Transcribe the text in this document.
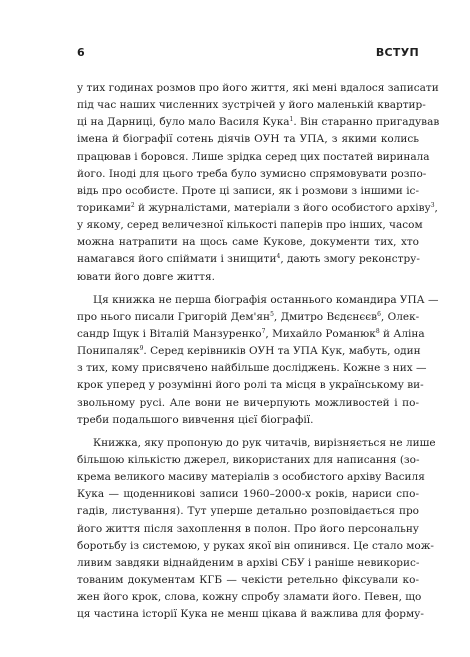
6	ВСТУП
у тих годинах розмов про його життя, які мені вдалося записати
під час наших численних зустрічей у його маленькій квартир-
ці на Дарниці, було мало Василя Кука$^1$. Він старанно пригадував
імена й біографії сотень діячів ОУН та УПА, з якими колись
працював і боровся. Лише зрідка серед цих постатей виринала
його. Іноді для цього треба було зумисно спрямовувати розпо-
відь про особисте. Проте ці записи, як і розмови з іншими іс-
ториками$^2$ й журналістами, матеріали з його особистого архіву$^3$,
у якому, серед величезної кількості паперів про інших, часом
можна натрапити на щось саме Кукове, документи тих, хто
намагався його спіймати і знищити$^4$, дають змогу реконстру-
ювати його довге життя.
Ця книжка не перша біографія останнього командира УПА —
про нього писали Григорій $Дем'ян^5$, Дмитро Вєдєнєєв$^6$, Олек-
сандр Іщук і Віталій Манзуренко$^7$, Михайло Романюк$^8$ й Аліна
Понипаляк$^9$. Серед керівників ОУН та УПА Кук, мабуть, один
з тих, кому присвячено найбільше досліджень. Кожне з них —
крок уперед у розумінні його ролі та місця в українському ви-
звольному русі. Але вони не вичерпують можливостей і по-
треби подальшого вивчення цієї біографії.
Книжка, яку пропоную до рук читачів, вирізняється не лише
більшою кількістю джерел, використаних для написання (зо-
крема великого масиву матеріалів з особистого архіву Василя
Кука — щоденникові записи 1960–2000-х років, нариси спо-
гадів, листування). Тут уперше детально розповідається про
його життя після захоплення в полон. Про його персональну
боротьбу із системою, у руках якої він опинився. Це стало мож-
ливим завдяки віднайденим в архіві СБУ і раніше невикорис-
тованим документам КГБ — чекісти ретельно фіксували ко-
жен його крок, слова, кожну спробу зламати його. Певен, що
ця частина історії Кука не менш цікава й важлива для форму-
